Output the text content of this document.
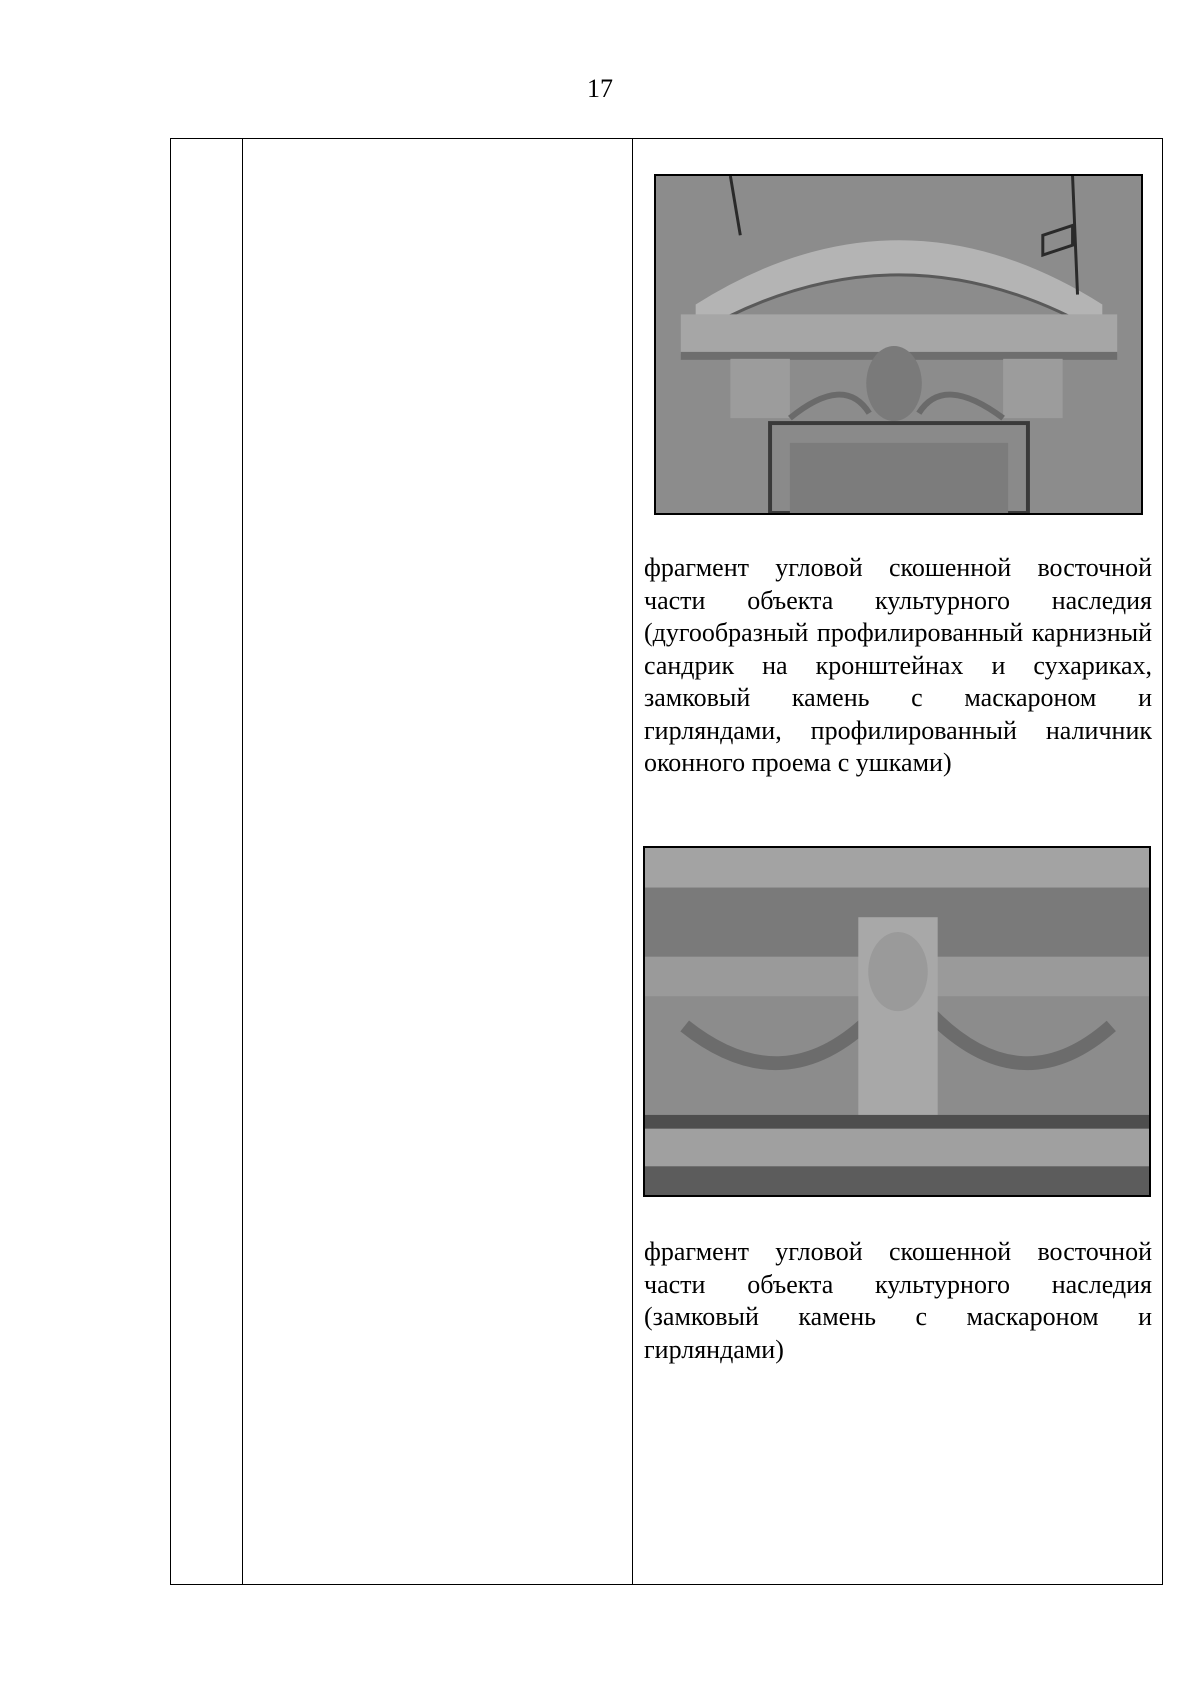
17
фрагмент угловой скошенной восточной части объекта культурного наследия (дугообразный профилированный карнизный сандрик на кронштейнах и сухариках, замковый камень с маскароном и гирляндами, профилированный наличник оконного проема с ушками)
фрагмент угловой скошенной восточной части объекта культурного наследия (замковый камень с маскароном и гирляндами)
